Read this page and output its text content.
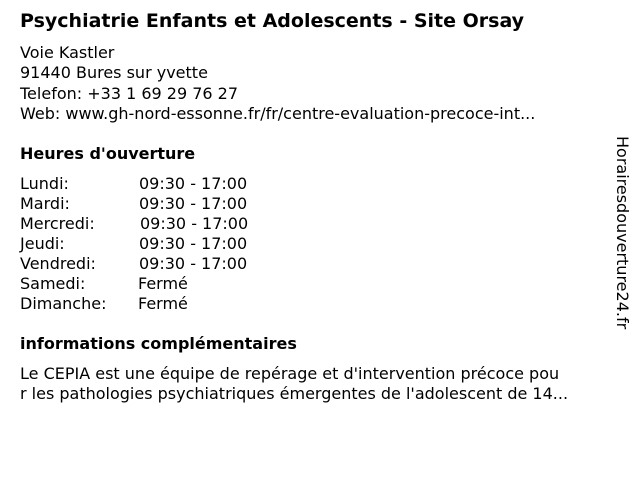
Psychiatrie Enfants et Adolescents - Site Orsay
Voie Kastler
91440 Bures sur yvette
Telefon: +33 1 69 29 76 27
Web: www.gh-nord-essonne.fr/fr/centre-evaluation-precoce-int...
Heures d'ouverture
Lundi:	09:30 - 17:00
Mardi:	09:30 - 17:00
Mercredi:	09:30 - 17:00
Jeudi:	09:30 - 17:00
Vendredi:	09:30 - 17:00
Samedi:	Fermé
Dimanche: Fermé
informations complémentaires
Le CEPIA est une équipe de repérage et d'intervention précoce pou
r les pathologies psychiatriques émergentes de l'adolescent de 14...
Horairesdouverture24.fr
